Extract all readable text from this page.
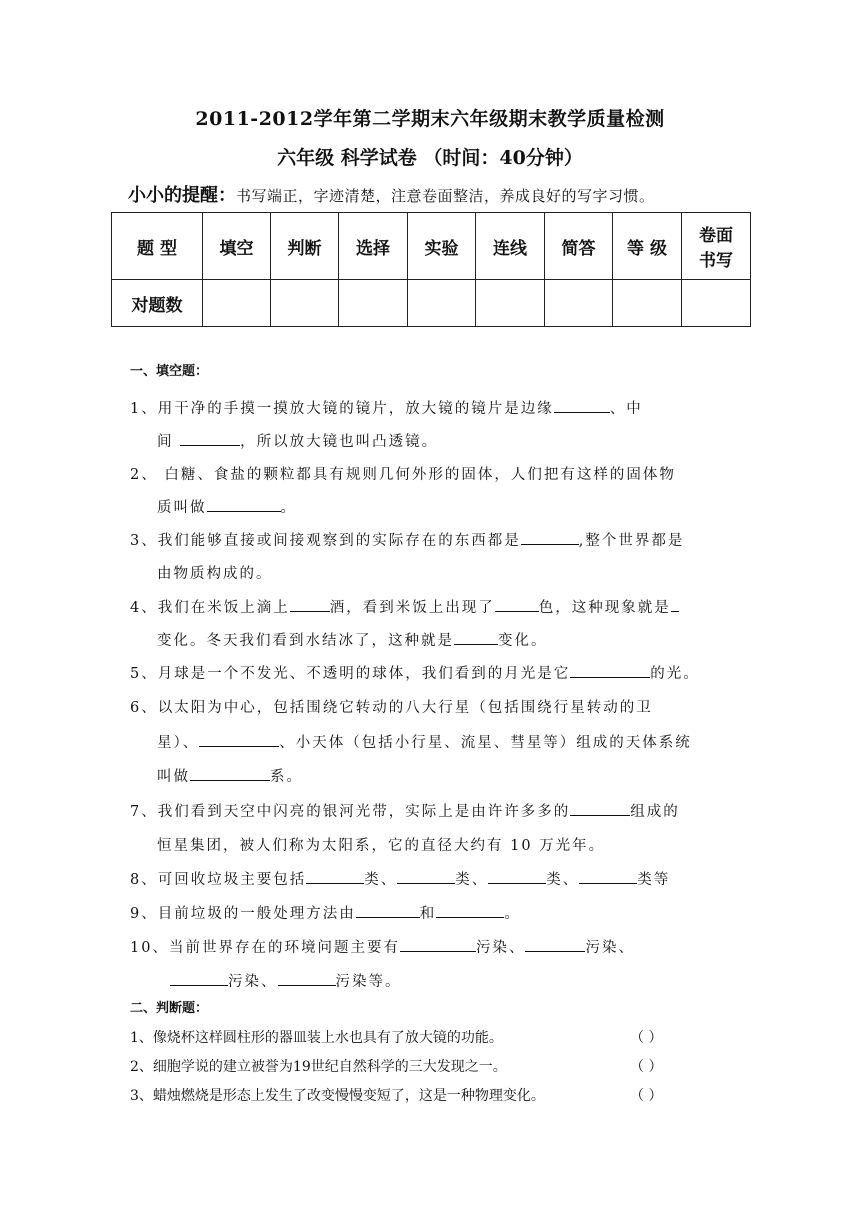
2011-2012学年第二学期末六年级期末教学质量检测
六年级 科学试卷 （时间：40分钟）
小小的提醒：书写端正，字迹清楚，注意卷面整洁，养成良好的写字习惯。
题 型	填空	判断	选择	实验	连线	简答	等 级	卷面
书写
对题数								
一、填空题：
1、用干净的手摸一摸放大镜的镜片，放大镜的镜片是边缘	、中
间	，所以放大镜也叫凸透镜。
2、 白糖、食盐的颗粒都具有规则几何外形的固体，人们把有这样的固体物
质叫做	。
3、我们能够直接或间接观察到的实际存在的东西都是	,整个世界都是
由物质构成的。
4、我们在米饭上滴上	酒，看到米饭上出现了	色，这种现象就是
变化。冬天我们看到水结冰了，这种就是	变化。
5、月球是一个不发光、不透明的球体，我们看到的月光是它	的光。
6、以太阳为中心，包括围绕它转动的八大行星（包括围绕行星转动的卫
星）、	、小天体（包括小行星、流星、彗星等）组成的天体系统
叫做	系。
7、我们看到天空中闪亮的银河光带，实际上是由许许多多的	组成的
恒星集团，被人们称为太阳系，它的直径大约有 10 万光年。
8、可回收垃圾主要包括	类、	类、	类、	类等
9、目前垃圾的一般处理方法由	和	。
10、当前世界存在的环境问题主要有	污染、	污染、
污染、	污染等。
二、判断题：
1、像烧杯这样圆柱形的器皿装上水也具有了放大镜的功能。	（ ）
2、细胞学说的建立被誉为19世纪自然科学的三大发现之一。	（ ）
3、蜡烛燃烧是形态上发生了改变慢慢变短了，这是一种物理变化。	（ ）
